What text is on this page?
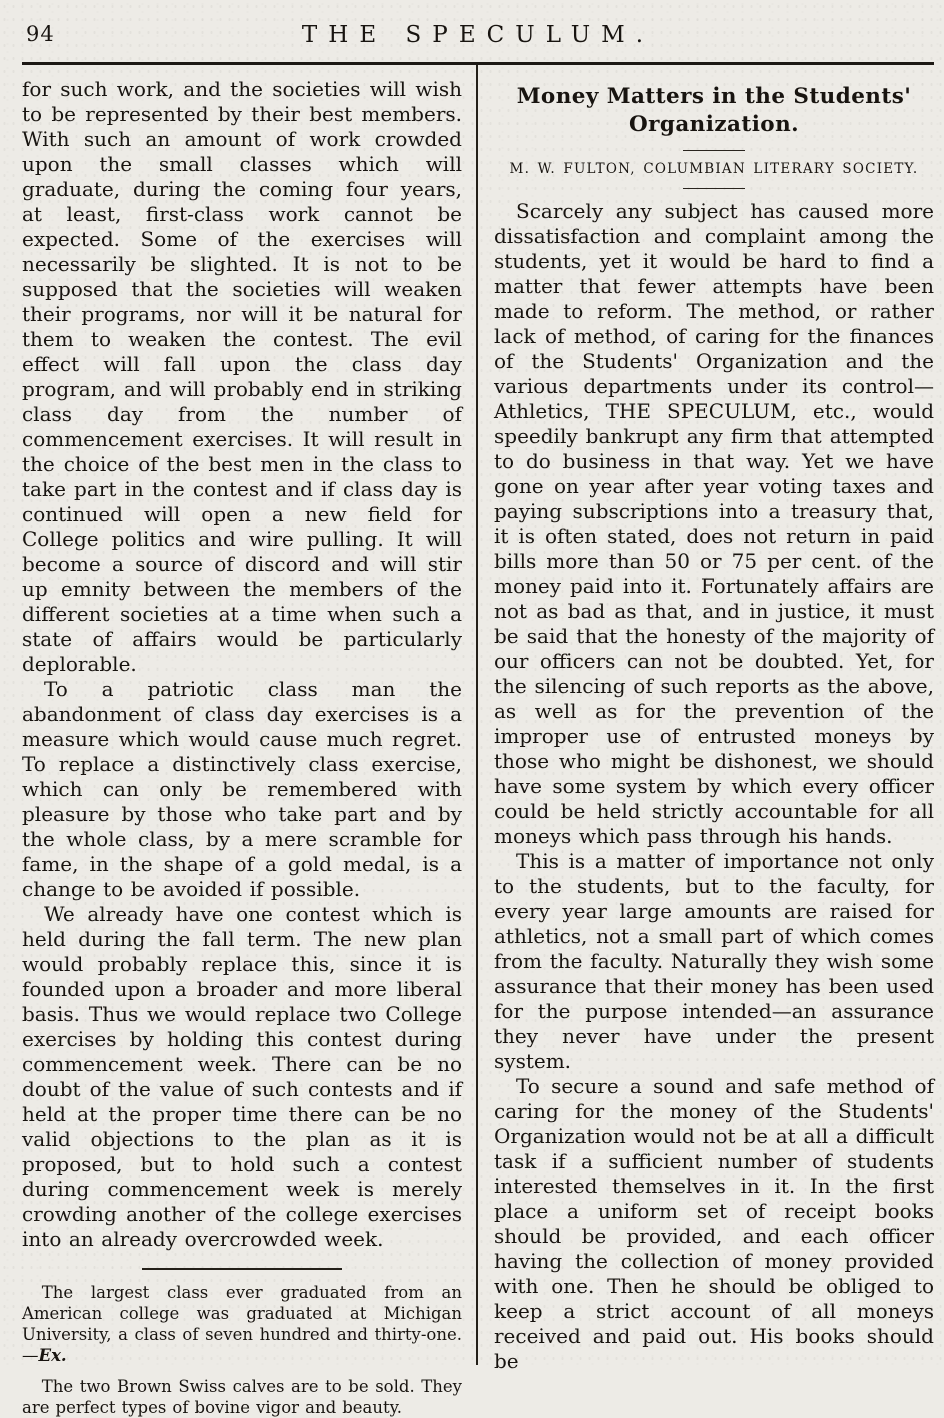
94	THE SPECULUM.

for such work, and the societies will wish to be represented by their best members. With such an amount of work crowded upon the small classes which will graduate, during the coming four years, at least, first-class work cannot be expected. Some of the exercises will necessarily be slighted. It is not to be supposed that the societies will weaken their programs, nor will it be natural for them to weaken the contest. The evil effect will fall upon the class day program, and will probably end in striking class day from the number of commencement exercises. It will result in the choice of the best men in the class to take part in the contest and if class day is continued will open a new field for College politics and wire pulling. It will become a source of discord and will stir up emnity between the members of the different societies at a time when such a state of affairs would be particularly deplorable.

To a patriotic class man the abandonment of class day exercises is a measure which would cause much regret. To replace a distinctively class exercise, which can only be remembered with pleasure by those who take part and by the whole class, by a mere scramble for fame, in the shape of a gold medal, is a change to be avoided if possible.

We already have one contest which is held during the fall term. The new plan would probably replace this, since it is founded upon a broader and more liberal basis. Thus we would replace two College exercises by holding this contest during commencement week. There can be no doubt of the value of such contests and if held at the proper time there can be no valid objections to the plan as it is proposed, but to hold such a contest during commencement week is merely crowding another of the college exercises into an already overcrowded week.

The largest class ever graduated from an American college was graduated at Michigan University, a class of seven hundred and thirty-one.—Ex.

The two Brown Swiss calves are to be sold. They are perfect types of bovine vigor and beauty.

Money Matters in the Students' Organization.
M. W. FULTON, COLUMBIAN LITERARY SOCIETY.

Scarcely any subject has caused more dissatisfaction and complaint among the students, yet it would be hard to find a matter that fewer attempts have been made to reform. The method, or rather lack of method, of caring for the finances of the Students' Organization and the various departments under its control—Athletics, THE SPECULUM, etc., would speedily bankrupt any firm that attempted to do business in that way. Yet we have gone on year after year voting taxes and paying subscriptions into a treasury that, it is often stated, does not return in paid bills more than 50 or 75 per cent. of the money paid into it. Fortunately affairs are not as bad as that, and in justice, it must be said that the honesty of the majority of our officers can not be doubted. Yet, for the silencing of such reports as the above, as well as for the prevention of the improper use of entrusted moneys by those who might be dishonest, we should have some system by which every officer could be held strictly accountable for all moneys which pass through his hands.

This is a matter of importance not only to the students, but to the faculty, for every year large amounts are raised for athletics, not a small part of which comes from the faculty. Naturally they wish some assurance that their money has been used for the purpose intended—an assurance they never have under the present system.

To secure a sound and safe method of caring for the money of the Students' Organization would not be at all a difficult task if a sufficient number of students interested themselves in it. In the first place a uniform set of receipt books should be provided, and each officer having the collection of money provided with one. Then he should be obliged to keep a strict account of all moneys received and paid out. His books should be
